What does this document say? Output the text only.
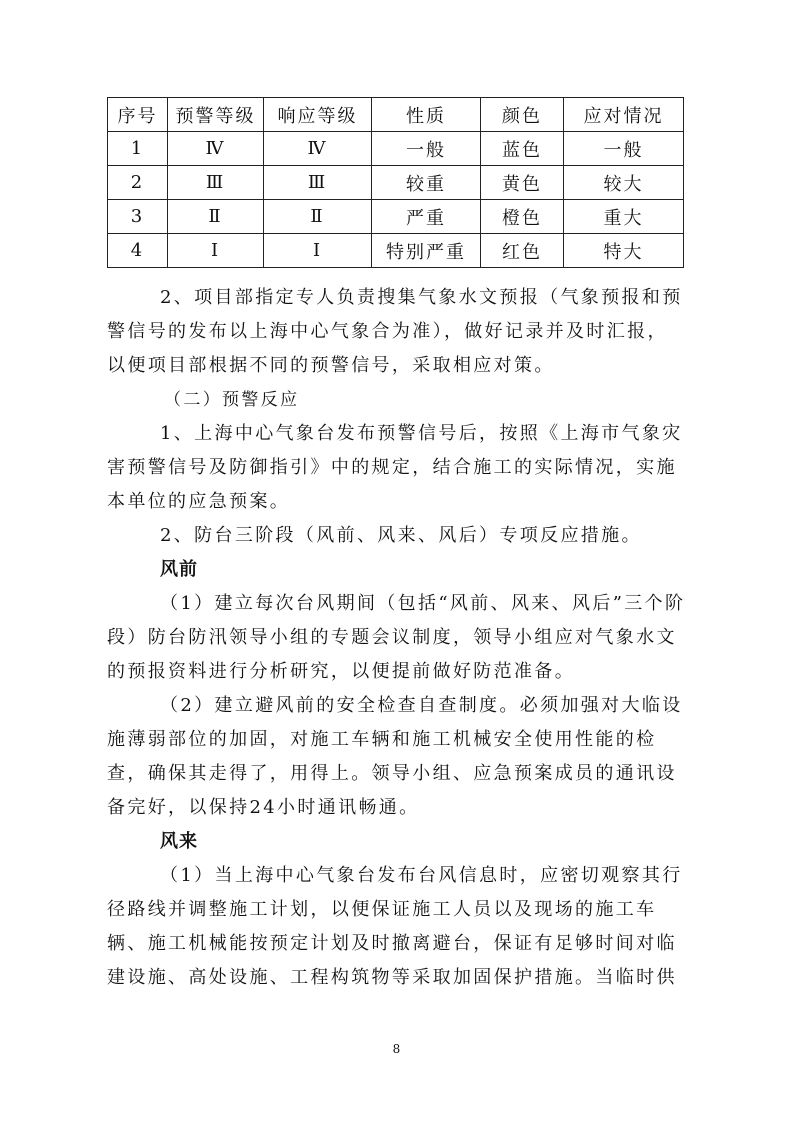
序号	预警等级	响应等级	性质	颜色	应对情况
1	Ⅳ	Ⅳ	一般	蓝色	一般
2	Ⅲ	Ⅲ	较重	黄色	较大
3	Ⅱ	Ⅱ	严重	橙色	重大
4	Ⅰ	Ⅰ	特别严重	红色	特大
2、项目部指定专人负责搜集气象水文预报（气象预报和预
警信号的发布以上海中心气象合为准），做好记录并及时汇报，
以便项目部根据不同的预警信号，采取相应对策。
（二）预警反应
1、上海中心气象台发布预警信号后，按照《上海市气象灾
害预警信号及防御指引》中的规定，结合施工的实际情况，实施
本单位的应急预案。
2、防台三阶段（风前、风来、风后）专项反应措施。
风前
（1）建立每次台风期间（包括“风前、风来、风后”三个阶
段）防台防汛领导小组的专题会议制度，领导小组应对气象水文
的预报资料进行分析研究，以便提前做好防范准备。
（2）建立避风前的安全检查自查制度。必须加强对大临设
施薄弱部位的加固，对施工车辆和施工机械安全使用性能的检
查，确保其走得了，用得上。领导小组、应急预案成员的通讯设
备完好，以保持24小时通讯畅通。
风来
（1）当上海中心气象台发布台风信息时，应密切观察其行
径路线并调整施工计划，以便保证施工人员以及现场的施工车
辆、施工机械能按预定计划及时撤离避台，保证有足够时间对临
建设施、高处设施、工程构筑物等采取加固保护措施。当临时供
8
